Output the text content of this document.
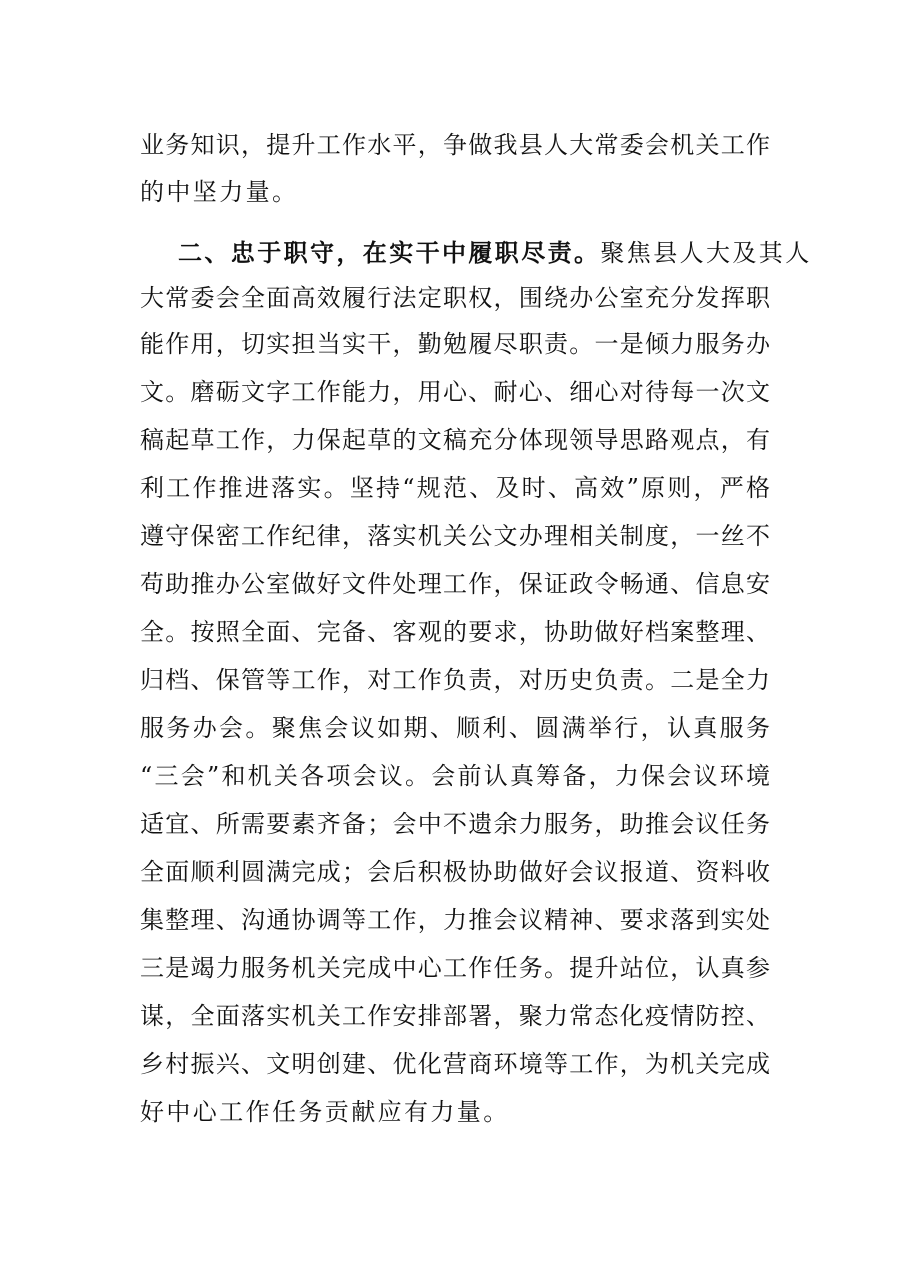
业务知识，提升工作水平，争做我县人大常委会机关工作
的中坚力量。
二、忠于职守，在实干中履职尽责。聚焦县人大及其人
大常委会全面高效履行法定职权，围绕办公室充分发挥职
能作用，切实担当实干，勤勉履尽职责。一是倾力服务办
文。磨砺文字工作能力，用心、耐心、细心对待每一次文
稿起草工作，力保起草的文稿充分体现领导思路观点，有
利工作推进落实。坚持“规范、及时、高效”原则，严格
遵守保密工作纪律，落实机关公文办理相关制度，一丝不
苟助推办公室做好文件处理工作，保证政令畅通、信息安
全。按照全面、完备、客观的要求，协助做好档案整理、
归档、保管等工作，对工作负责，对历史负责。二是全力
服务办会。聚焦会议如期、顺利、圆满举行，认真服务
“三会”和机关各项会议。会前认真筹备，力保会议环境
适宜、所需要素齐备；会中不遗余力服务，助推会议任务
全面顺利圆满完成；会后积极协助做好会议报道、资料收
集整理、沟通协调等工作，力推会议精神、要求落到实处
三是竭力服务机关完成中心工作任务。提升站位，认真参
谋，全面落实机关工作安排部署，聚力常态化疫情防控、
乡村振兴、文明创建、优化营商环境等工作，为机关完成
好中心工作任务贡献应有力量。
